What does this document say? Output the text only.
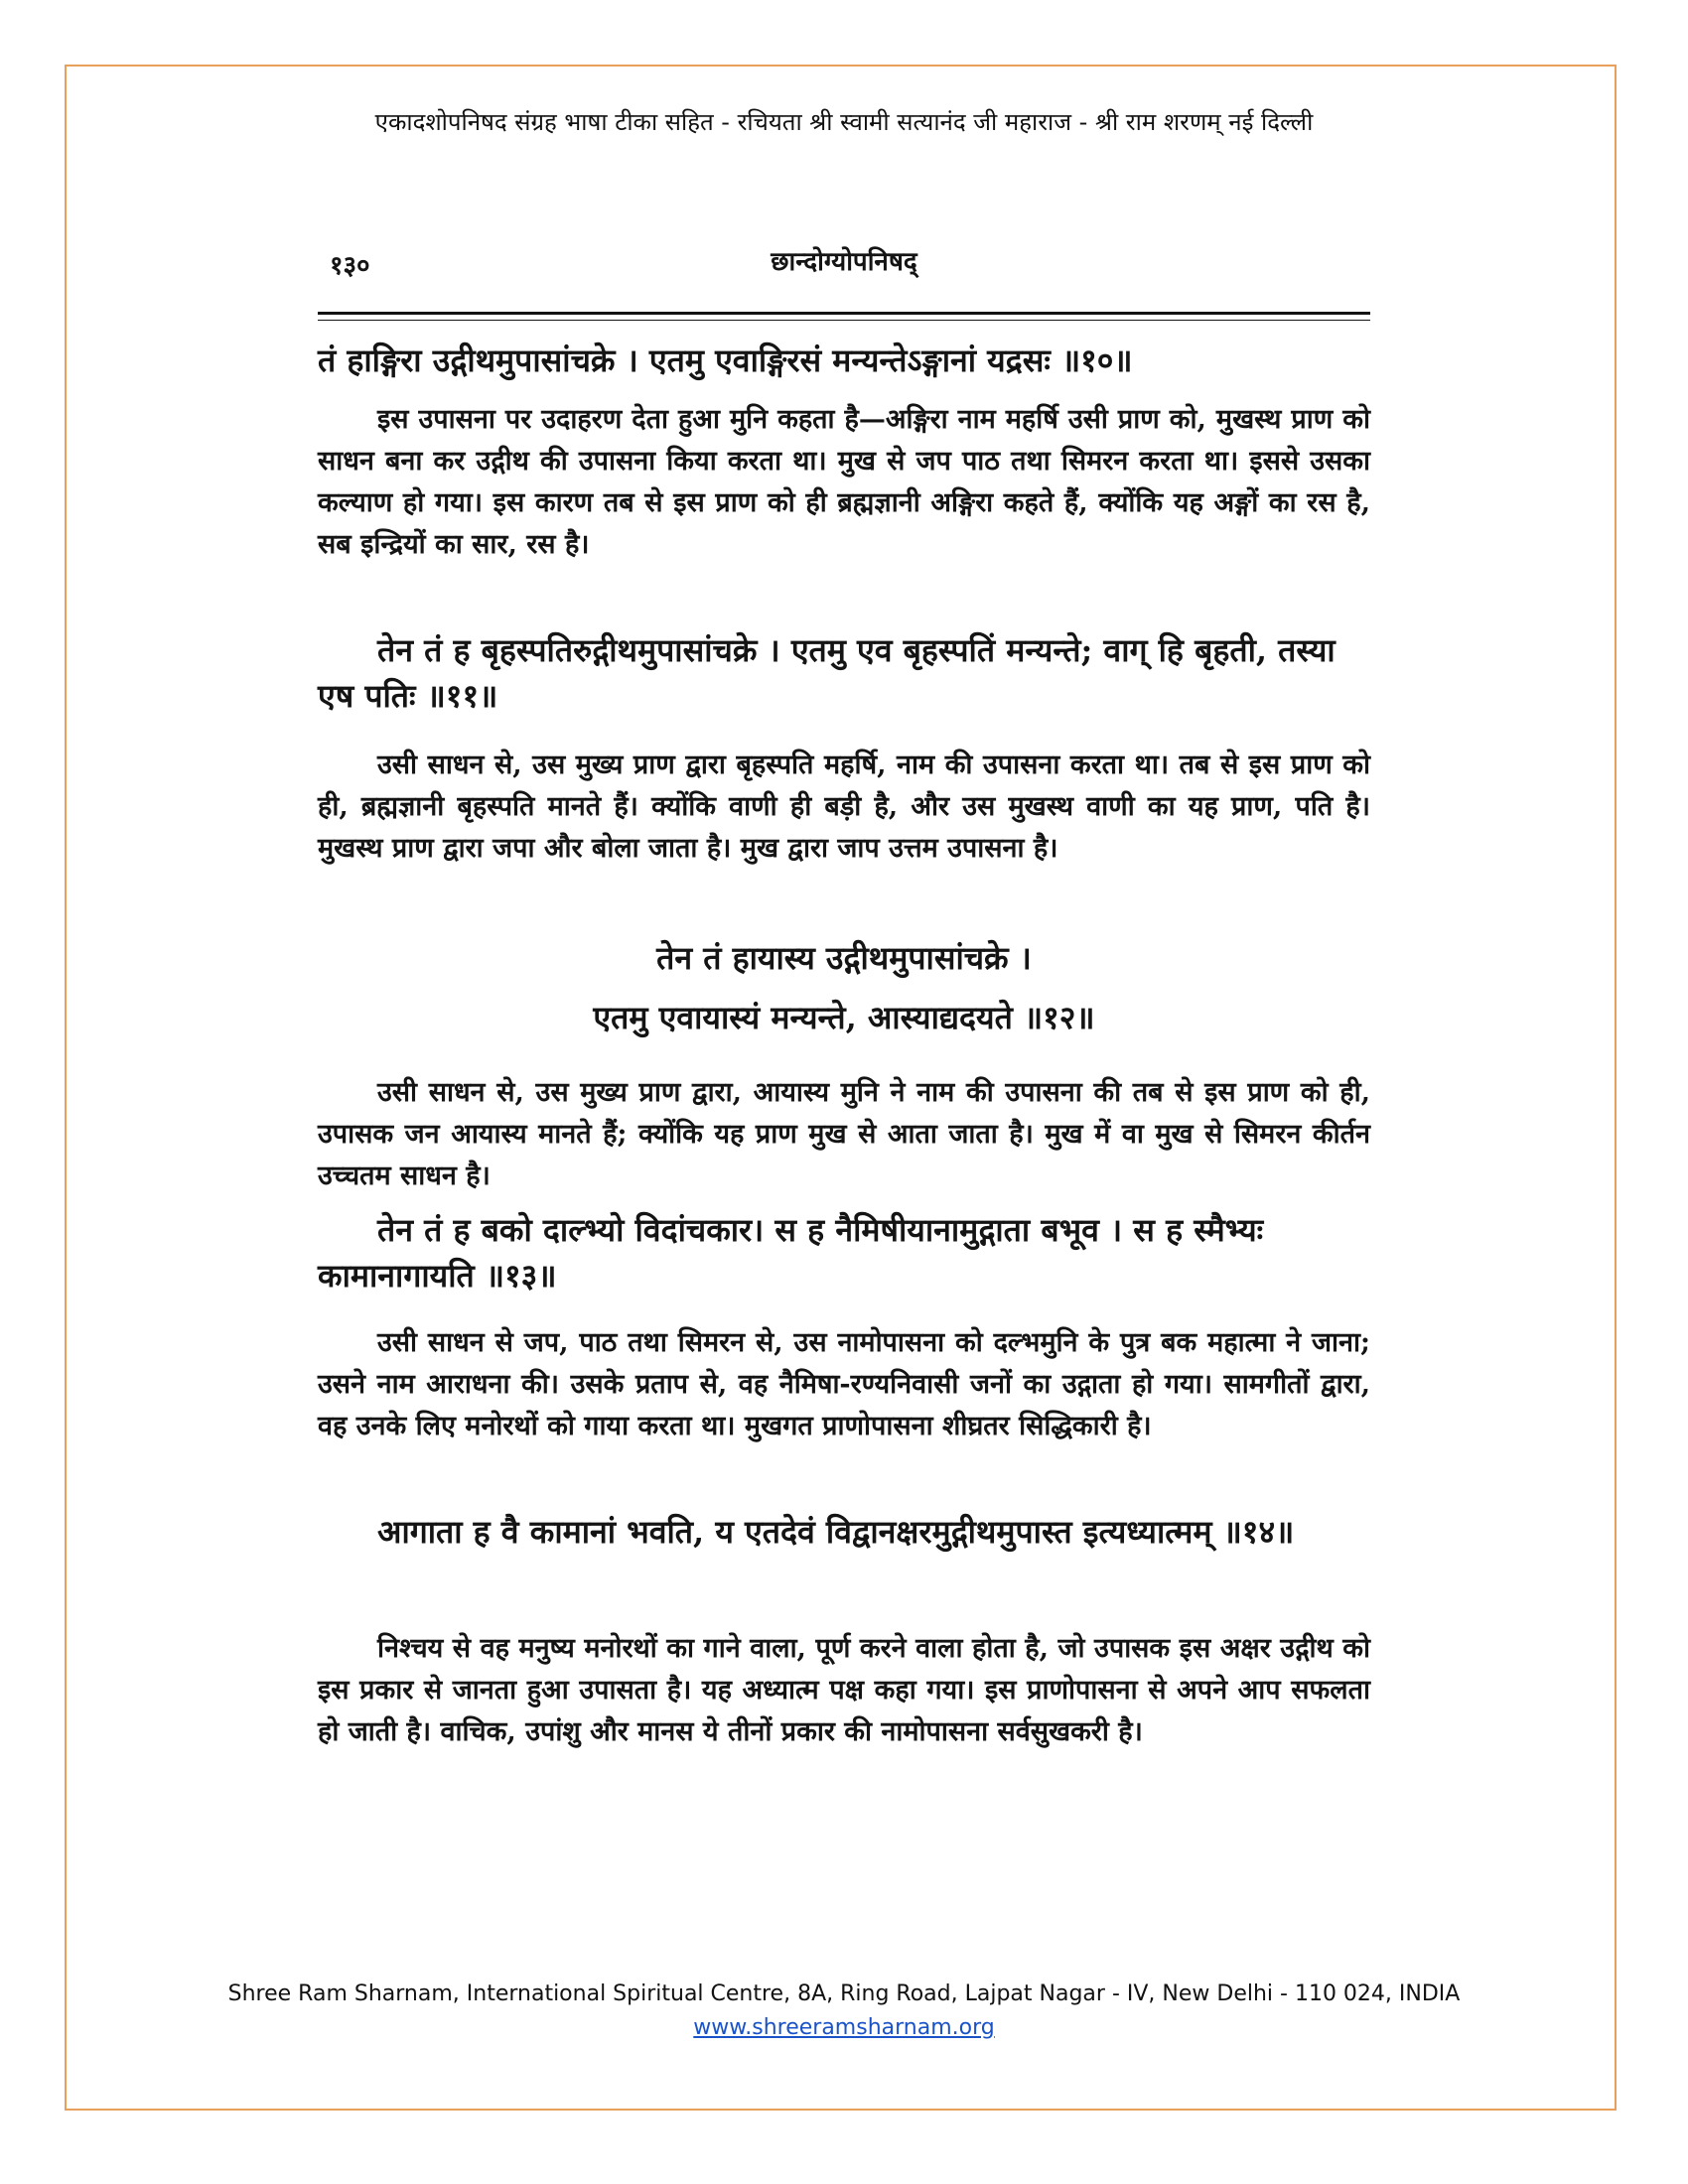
एकादशोपनिषद संग्रह भाषा टीका सहित - रचियता श्री स्वामी सत्यानंद जी महाराज - श्री राम शरणम् नई दिल्ली
१३०	छान्दोग्योपनिषद्
तं हाङ्गिरा उद्गीथमुपासांचक्रे । एतमु एवाङ्गिरसं मन्यन्तेऽङ्गानां यद्रसः ॥१०॥
इस उपासना पर उदाहरण देता हुआ मुनि कहता है—अङ्गिरा नाम महर्षि उसी प्राण को, मुखस्थ प्राण को साधन बना कर उद्गीथ की उपासना किया करता था। मुख से जप पाठ तथा सिमरन करता था। इससे उसका कल्याण हो गया। इस कारण तब से इस प्राण को ही ब्रह्मज्ञानी अङ्गिरा कहते हैं, क्योंकि यह अङ्गों का रस है, सब इन्द्रियों का सार, रस है।
तेन तं ह बृहस्पतिरुद्गीथमुपासांचक्रे । एतमु एव बृहस्पतिं मन्यन्ते; वाग् हि बृहती, तस्या एष पतिः ॥११॥
उसी साधन से, उस मुख्य प्राण द्वारा बृहस्पति महर्षि, नाम की उपासना करता था। तब से इस प्राण को ही, ब्रह्मज्ञानी बृहस्पति मानते हैं। क्योंकि वाणी ही बड़ी है, और उस मुखस्थ वाणी का यह प्राण, पति है। मुखस्थ प्राण द्वारा जपा और बोला जाता है। मुख द्वारा जाप उत्तम उपासना है।
तेन तं हायास्य उद्गीथमुपासांचक्रे ।
एतमु एवायास्यं मन्यन्ते, आस्याद्यदयते ॥१२॥
उसी साधन से, उस मुख्य प्राण द्वारा, आयास्य मुनि ने नाम की उपासना की तब से इस प्राण को ही, उपासक जन आयास्य मानते हैं; क्योंकि यह प्राण मुख से आता जाता है। मुख में वा मुख से सिमरन कीर्तन उच्चतम साधन है।
तेन तं ह बको दाल्भ्यो विदांचकार। स ह नैमिषीयानामुद्गाता बभूव । स ह स्मैभ्यः कामानागायति ॥१३॥
उसी साधन से जप, पाठ तथा सिमरन से, उस नामोपासना को दल्भमुनि के पुत्र बक महात्मा ने जाना; उसने नाम आराधना की। उसके प्रताप से, वह नैमिषा-रण्यनिवासी जनों का उद्गाता हो गया। सामगीतों द्वारा, वह उनके लिए मनोरथों को गाया करता था। मुखगत प्राणोपासना शीघ्रतर सिद्धिकारी है।
आगाता ह वै कामानां भवति, य एतदेवं विद्वानक्षरमुद्गीथमुपास्त इत्यध्यात्मम् ॥१४॥
निश्चय से वह मनुष्य मनोरथों का गाने वाला, पूर्ण करने वाला होता है, जो उपासक इस अक्षर उद्गीथ को इस प्रकार से जानता हुआ उपासता है। यह अध्यात्म पक्ष कहा गया। इस प्राणोपासना से अपने आप सफलता हो जाती है। वाचिक, उपांशु और मानस ये तीनों प्रकार की नामोपासना सर्वसुखकरी है।
Shree Ram Sharnam, International Spiritual Centre, 8A, Ring Road, Lajpat Nagar - IV, New Delhi - 110 024, INDIA
www.shreeramsharnam.org
